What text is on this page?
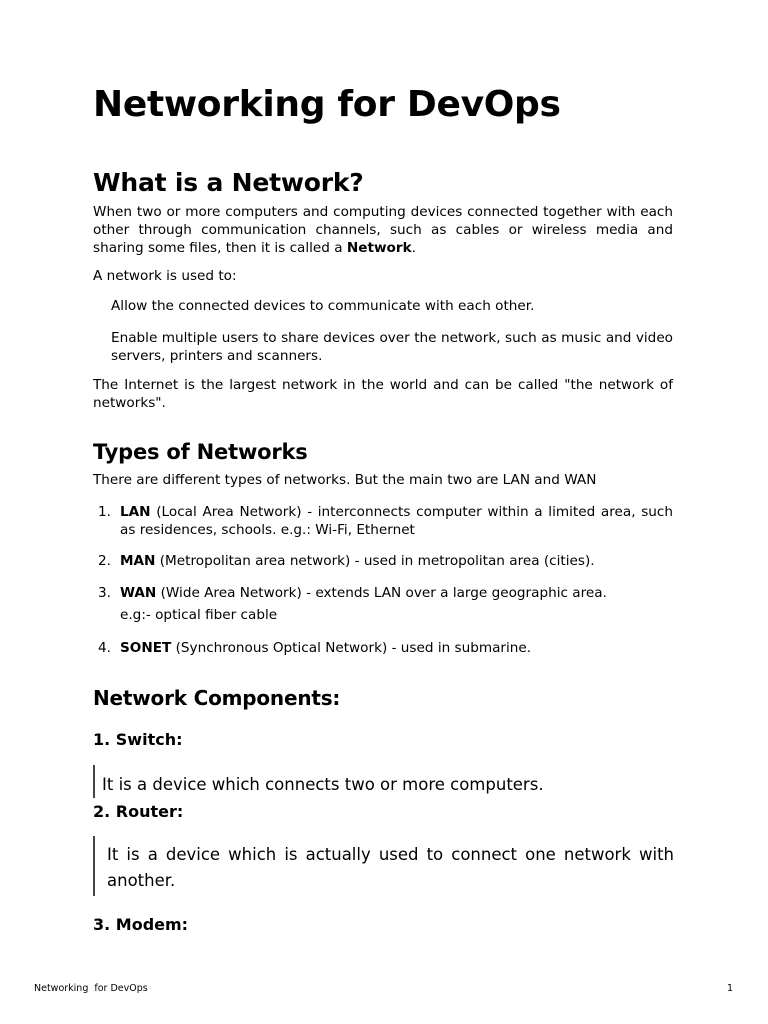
Networking for DevOps
What is a Network?

When two or more computers and computing devices connected together with each other through communication channels, such as cables or wireless media and sharing some files, then it is called a Network.

A network is used to:

Allow the connected devices to communicate with each other.

Enable multiple users to share devices over the network, such as music and video servers, printers and scanners.

The Internet is the largest network in the world and can be called "the network of networks".

Types of Networks

There are different types of networks. But the main two are LAN and WAN

1. LAN (Local Area Network) - interconnects computer within a limited area, such as residences, schools. e.g.: Wi-Fi, Ethernet
2. MAN (Metropolitan area network) - used in metropolitan area (cities).
3. WAN (Wide Area Network) - extends LAN over a large geographic area.
e.g:- optical fiber cable
4. SONET (Synchronous Optical Network) - used in submarine.
Network Components:
1. Switch:
It is a device which connects two or more computers.
2. Router:
It is a device which is actually used to connect one network with another.
3. Modem:
Networking  for DevOps	1
